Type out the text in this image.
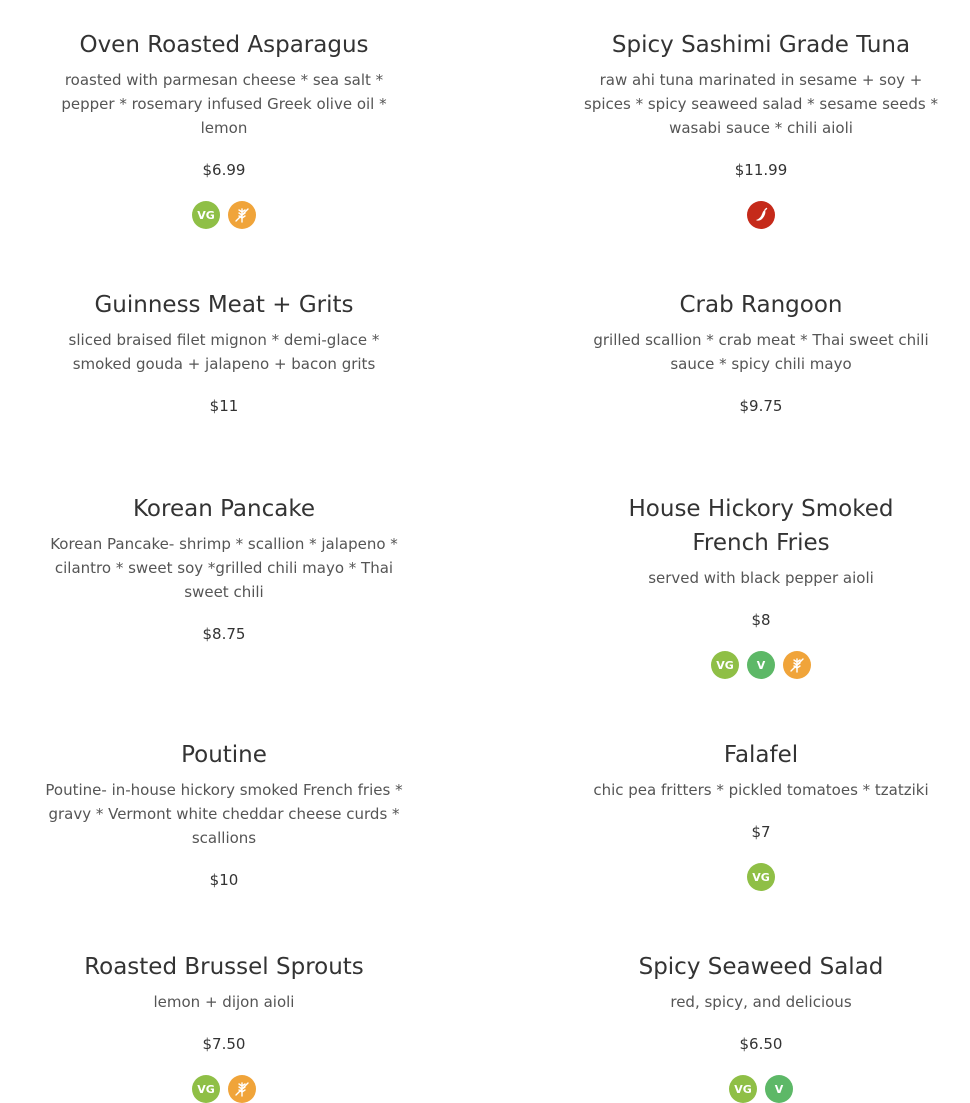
Oven Roasted Asparagus

roasted with parmesan cheese * sea salt * pepper * rosemary infused Greek olive oil * lemon

$6.99

VG
Spicy Sashimi Grade Tuna

raw ahi tuna marinated in sesame + soy + spices * spicy seaweed salad * sesame seeds * wasabi sauce * chili aioli

$11.99

Guinness Meat + Grits

sliced braised filet mignon * demi-glace * smoked gouda + jalapeno + bacon grits

$11

Crab Rangoon

grilled scallion * crab meat * Thai sweet chili sauce * spicy chili mayo

$9.75

Korean Pancake

Korean Pancake- shrimp * scallion * jalapeno * cilantro * sweet soy *grilled chili mayo * Thai sweet chili

$8.75

House Hickory Smoked French Fries

served with black pepper aioli

$8

VG	V
Poutine

Poutine- in-house hickory smoked French fries * gravy * Vermont white cheddar cheese curds * scallions

$10

Falafel

chic pea fritters * pickled tomatoes * tzatziki

$7

VG
Roasted Brussel Sprouts

lemon + dijon aioli

$7.50

VG
Spicy Seaweed Salad

red, spicy, and delicious

$6.50

VG	V
